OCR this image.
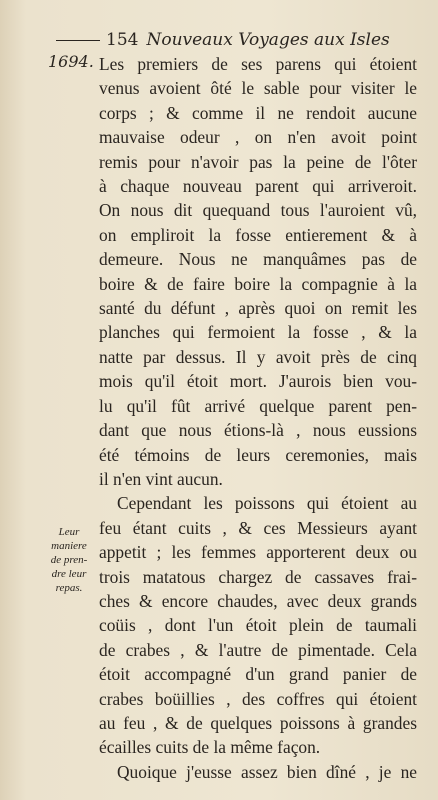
154 Nouveaux Voyages aux Isles
1694.
Leur
maniere
de pren-
dre leur
repas.

Les premiers de ses parens qui étoient
venus avoient ôté le sable pour visiter le
corps ; & comme il ne rendoit aucune
mauvaise odeur , on n'en avoit point
remis pour n'avoir pas la peine de l'ôter
à chaque nouveau parent qui arriveroit.
On nous dit quequand tous l'auroient vû,
on empliroit la fosse entierement & à
demeure. Nous ne manquâmes pas de
boire & de faire boire la compagnie à la
santé du défunt , après quoi on remit les
planches qui fermoient la fosse , & la
natte par dessus. Il y avoit près de cinq
mois qu'il étoit mort. J'aurois bien vou-
lu qu'il fût arrivé quelque parent pen-
dant que nous étions-là , nous eussions
été témoins de leurs ceremonies, mais
il n'en vint aucun.

Cependant les poissons qui étoient au
feu étant cuits , & ces Messieurs ayant
appetit ; les femmes apporterent deux ou
trois matatous chargez de cassaves frai-
ches & encore chaudes, avec deux grands
coüis , dont l'un étoit plein de taumali
de crabes , & l'autre de pimentade. Cela
étoit accompagné d'un grand panier de
crabes boüillies , des coffres qui étoient
au feu , & de quelques poissons à grandes
écailles cuits de la même façon.

Quoique j'eusse assez bien dîné , je ne
